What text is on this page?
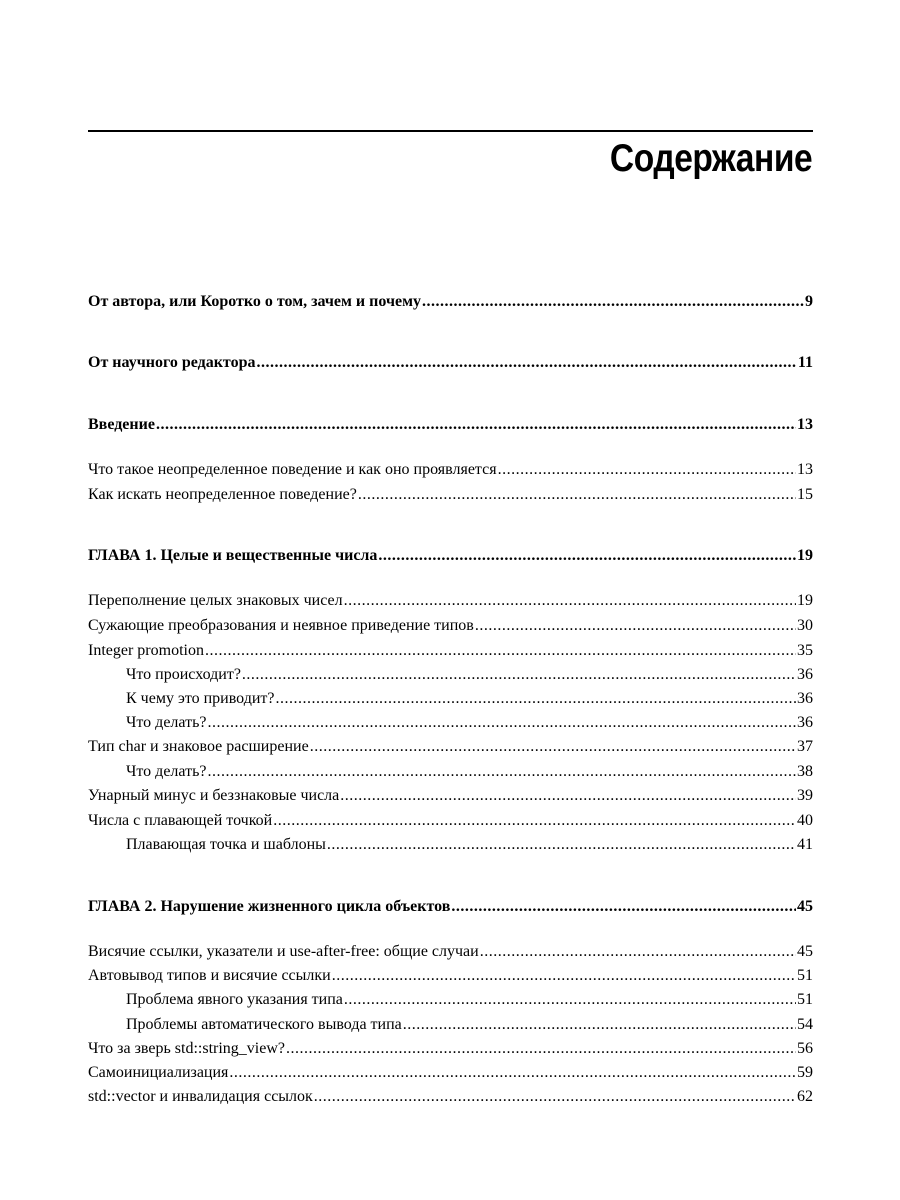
Содержание
От автора, или Коротко о том, зачем и почему .....	9
От научного редактора .....	11
Введение .....	13
Что такое неопределенное поведение и как оно проявляется .....	13
Как искать неопределенное поведение? .....	15
ГЛАВА 1. Целые и вещественные числа .....	19
Переполнение целых знаковых чисел .....	19
Сужающие преобразования и неявное приведение типов .....	30
Integer promotion .....	35
Что происходит? .....	36
К чему это приводит? .....	36
Что делать? .....	36
Тип char и знаковое расширение .....	37
Что делать? .....	38
Унарный минус и беззнаковые числа .....	39
Числа с плавающей точкой .....	40
Плавающая точка и шаблоны .....	41
ГЛАВА 2. Нарушение жизненного цикла объектов .....	45
Висячие ссылки, указатели и use-after-free: общие случаи .....	45
Автовывод типов и висячие ссылки .....	51
Проблема явного указания типа .....	51
Проблемы автоматического вывода типа .....	54
Что за зверь std::string_view? .....	56
Самоинициализация .....	59
std::vector и инвалидация ссылок .....	62
